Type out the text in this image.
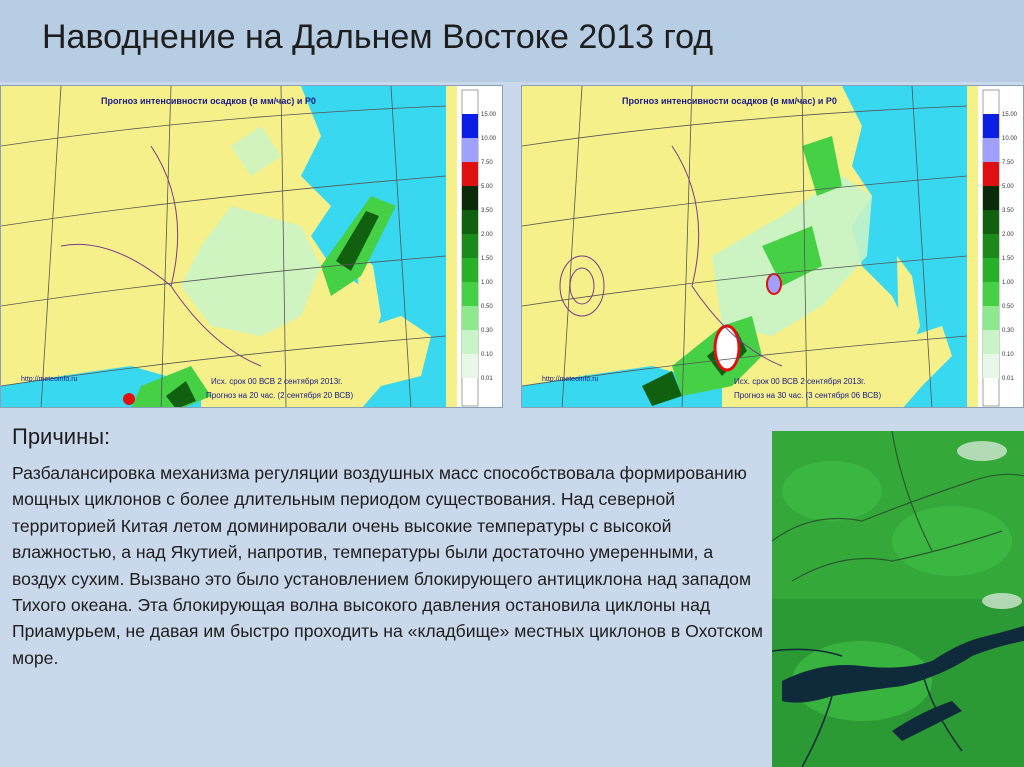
Наводнение на Дальнем Востоке 2013 год
15.00
10.00
7.50
5.00
3.50
2.00
1.50
1.00
0.50
0.30
0.10
0.01
Прогноз интенсивности осадков (в мм/час) и Р0
http://meteoinfo.ru	Исх. срок 00 ВСВ 2 сентября 2013г.
Прогноз на 20 час. (2 сентября 20 ВСВ)
15.00
10.00
7.50
5.00
3.50
2.00
1.50
1.00
0.50
0.30
0.10
0.01
Прогноз интенсивности осадков (в мм/час) и Р0
http://meteoinfo.ru	Исх. срок 00 ВСВ 2 сентября 2013г.
Прогноз на 30 час. (3 сентября 06 ВСВ)
Причины:
Разбалансировка механизма регуляции воздушных масс способствовала формированию мощных циклонов с более длительным периодом существования. Над северной территорией Китая летом доминировали очень высокие температуры с высокой влажностью, а над Якутией, напротив, температуры были достаточно умеренными, а воздух сухим. Вызвано это было установлением блокирующего антициклона над западом Тихого океана. Эта блокирующая волна высокого давления остановила циклоны над Приамурьем, не давая им быстро проходить на «кладбище» местных циклонов в Охотском море.
